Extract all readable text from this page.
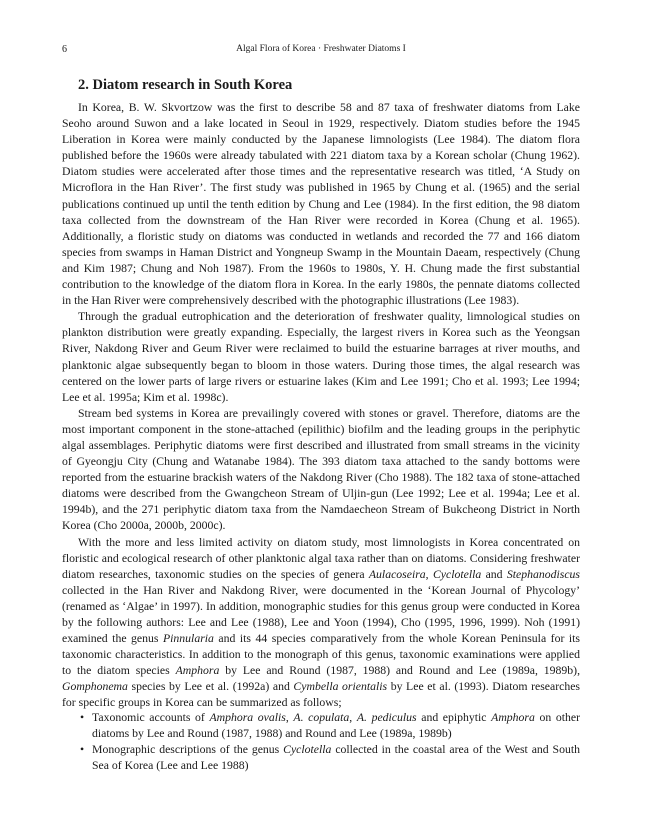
6	Algal Flora of Korea · Freshwater Diatoms I
2. Diatom research in South Korea

In Korea, B. W. Skvortzow was the first to describe 58 and 87 taxa of freshwater diatoms from Lake Seoho around Suwon and a lake located in Seoul in 1929, respectively. Diatom studies before the 1945 Liberation in Korea were mainly conducted by the Japanese limnologists (Lee 1984). The diatom flora published before the 1960s were already tabulated with 221 diatom taxa by a Korean scholar (Chung 1962). Diatom studies were accelerated after those times and the representative research was titled, ‘A Study on Microflora in the Han River’. The first study was published in 1965 by Chung et al. (1965) and the serial publications continued up until the tenth edition by Chung and Lee (1984). In the first edition, the 98 diatom taxa collected from the downstream of the Han River were recorded in Korea (Chung et al. 1965). Additionally, a floristic study on diatoms was conducted in wetlands and recorded the 77 and 166 diatom species from swamps in Haman District and Yongneup Swamp in the Mountain Daeam, respectively (Chung and Kim 1987; Chung and Noh 1987). From the 1960s to 1980s, Y. H. Chung made the first substantial contribution to the knowledge of the diatom flora in Korea. In the early 1980s, the pennate diatoms collected in the Han River were comprehensively described with the photographic illustrations (Lee 1983).

Through the gradual eutrophication and the deterioration of freshwater quality, limnological studies on plankton distribution were greatly expanding. Especially, the largest rivers in Korea such as the Yeongsan River, Nakdong River and Geum River were reclaimed to build the estuarine barrages at river mouths, and planktonic algae subsequently began to bloom in those waters. During those times, the algal research was centered on the lower parts of large rivers or estuarine lakes (Kim and Lee 1991; Cho et al. 1993; Lee 1994; Lee et al. 1995a; Kim et al. 1998c).

Stream bed systems in Korea are prevailingly covered with stones or gravel. Therefore, diatoms are the most important component in the stone-attached (epilithic) biofilm and the leading groups in the periphytic algal assemblages. Periphytic diatoms were first described and illustrated from small streams in the vicinity of Gyeongju City (Chung and Watanabe 1984). The 393 diatom taxa attached to the sandy bottoms were reported from the estuarine brackish waters of the Nakdong River (Cho 1988). The 182 taxa of stone-attached diatoms were described from the Gwangcheon Stream of Uljin-gun (Lee 1992; Lee et al. 1994a; Lee et al. 1994b), and the 271 periphytic diatom taxa from the Namdaecheon Stream of Bukcheong District in North Korea (Cho 2000a, 2000b, 2000c).

With the more and less limited activity on diatom study, most limnologists in Korea concentrated on floristic and ecological research of other planktonic algal taxa rather than on diatoms. Considering freshwater diatom researches, taxonomic studies on the species of genera Aulacoseira, Cyclotella and Stephanodiscus collected in the Han River and Nakdong River, were documented in the ‘Korean Journal of Phycology’ (renamed as ‘Algae’ in 1997). In addition, monographic studies for this genus group were conducted in Korea by the following authors: Lee and Lee (1988), Lee and Yoon (1994), Cho (1995, 1996, 1999). Noh (1991) examined the genus Pinnularia and its 44 species comparatively from the whole Korean Peninsula for its taxonomic characteristics. In addition to the monograph of this genus, taxonomic examinations were applied to the diatom species Amphora by Lee and Round (1987, 1988) and Round and Lee (1989a, 1989b), Gomphonema species by Lee et al. (1992a) and Cymbella orientalis by Lee et al. (1993). Diatom researches for specific groups in Korea can be summarized as follows;

• Taxonomic accounts of Amphora ovalis, A. copulata, A. pediculus and epiphytic Amphora on other diatoms by Lee and Round (1987, 1988) and Round and Lee (1989a, 1989b)
• Monographic descriptions of the genus Cyclotella collected in the coastal area of the West and South Sea of Korea (Lee and Lee 1988)
